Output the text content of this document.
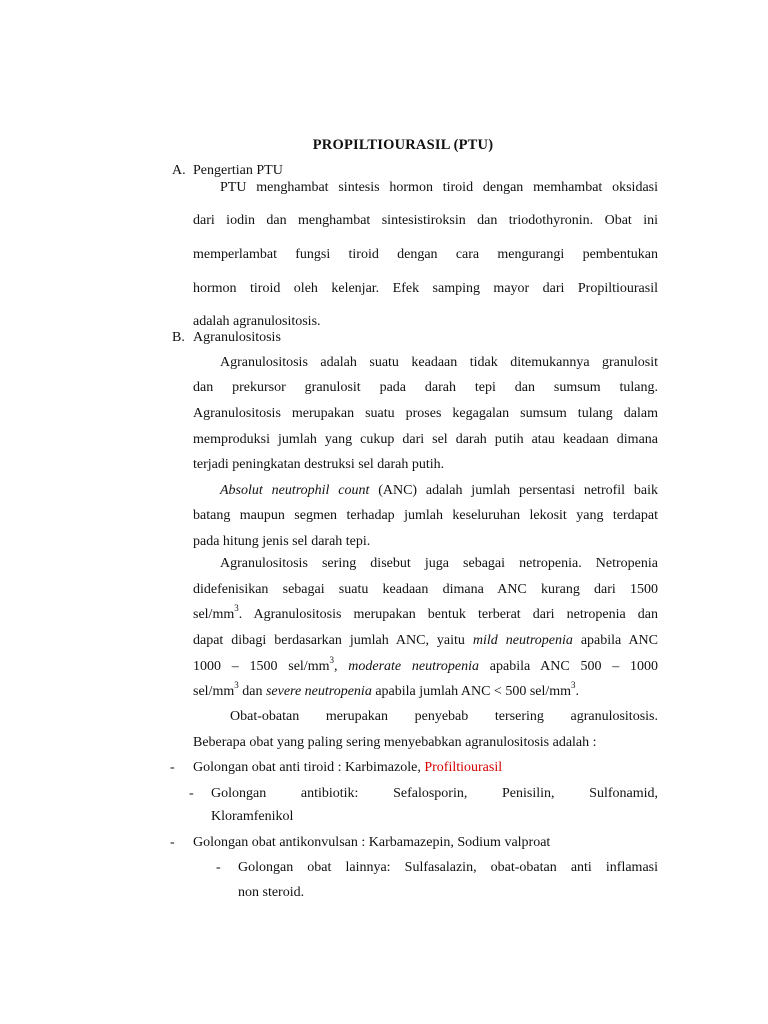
PROPILTIOURASIL (PTU)
A. Pengertian PTU
PTU menghambat sintesis hormon tiroid dengan memhambat oksidasi
dari iodin dan menghambat sintesistiroksin dan triodothyronin. Obat ini
memperlambat fungsi tiroid dengan cara mengurangi pembentukan
hormon tiroid oleh kelenjar. Efek samping mayor dari Propiltiourasil
adalah agranulositosis.
B. Agranulositosis
Agranulositosis adalah suatu keadaan tidak ditemukannya granulosit
dan prekursor granulosit pada darah tepi dan sumsum tulang.
Agranulositosis merupakan suatu proses kegagalan sumsum tulang dalam
memproduksi jumlah yang cukup dari sel darah putih atau keadaan dimana
terjadi peningkatan destruksi sel darah putih.
Absolut neutrophil count (ANC) adalah jumlah persentasi netrofil baik
batang maupun segmen terhadap jumlah keseluruhan lekosit yang terdapat
pada hitung jenis sel darah tepi.
Agranulositosis sering disebut juga sebagai netropenia. Netropenia
didefenisikan sebagai suatu keadaan dimana ANC kurang dari 1500
sel/$mm^3$. Agranulositosis merupakan bentuk terberat dari netropenia dan
dapat dibagi berdasarkan jumlah ANC, yaitu mild neutropenia apabila ANC
1000 – 1500 sel/$mm^3$, moderate neutropenia apabila ANC 500 – 1000
sel/$mm^3$ dan severe neutropenia apabila jumlah ANC < 500 sel/$mm^3$.
Obat-obatan merupakan penyebab tersering agranulositosis.
Beberapa obat yang paling sering menyebabkan agranulositosis adalah :
- Golongan obat anti tiroid : Karbimazole, Profiltiourasil
- Golongan antibiotik: Sefalosporin, Penisilin, Sulfonamid,
Kloramfenikol
- Golongan obat antikonvulsan : Karbamazepin, Sodium valproat
- Golongan obat lainnya: Sulfasalazin, obat-obatan anti inflamasi
non steroid.
